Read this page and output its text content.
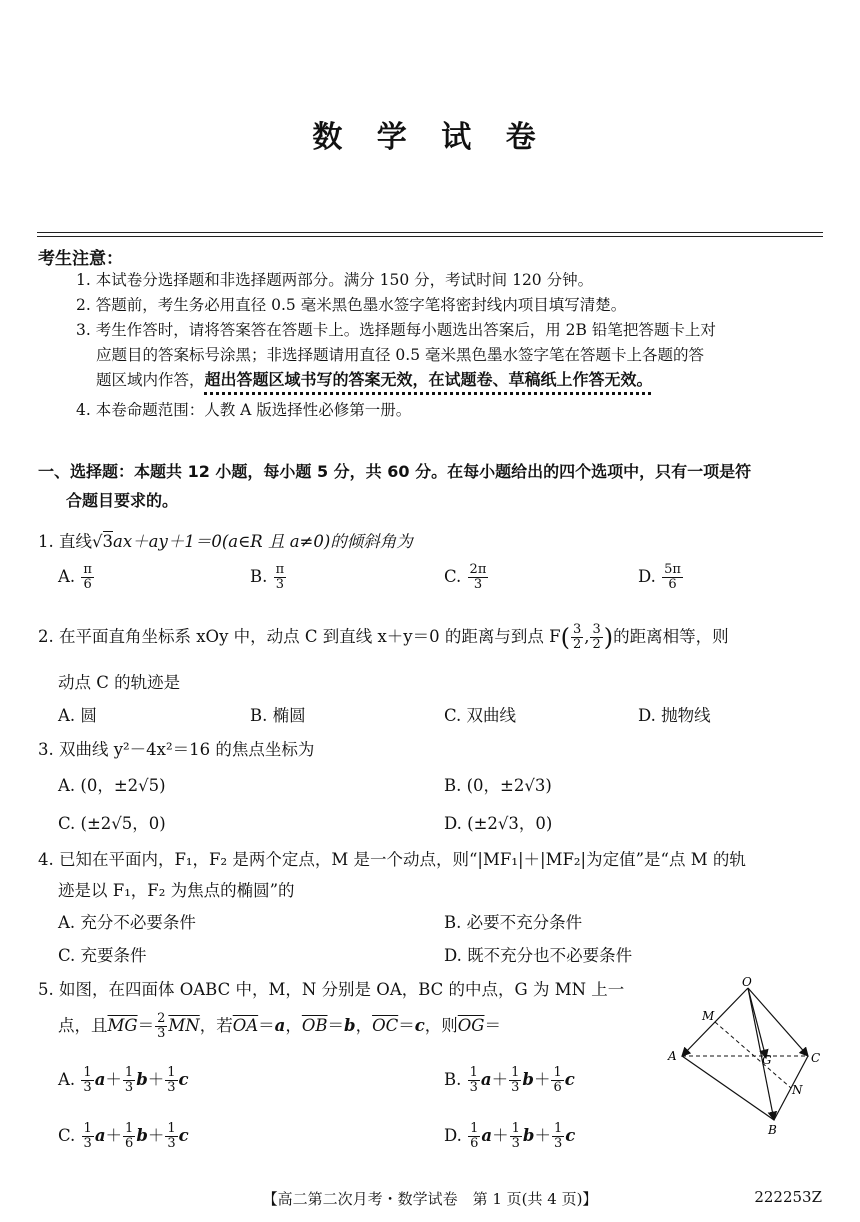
数 学 试 卷
考生注意：
1. 本试卷分选择题和非选择题两部分。满分 150 分，考试时间 120 分钟。
2. 答题前，考生务必用直径 0.5 毫米黑色墨水签字笔将密封线内项目填写清楚。
3. 考生作答时，请将答案答在答题卡上。选择题每小题选出答案后，用 2B 铅笔把答题卡上对
应题目的答案标号涂黑；非选择题请用直径 0.5 毫米黑色墨水签字笔在答题卡上各题的答
题区域内作答，超出答题区域书写的答案无效，在试题卷、草稿纸上作答无效。
4. 本卷命题范围：人教 A 版选择性必修第一册。
一、选择题：本题共 12 小题，每小题 5 分，共 60 分。在每小题给出的四个选项中，只有一项是符
合题目要求的。
1. 直线√3ax＋ay＋1＝0(a∈R 且 a≠0)的倾斜角为
A. $\frac{\pi}{6}$	B. $\frac{\pi}{3}$	C. $\frac{2\pi}{3}$	D. $\frac{5\pi}{6}$
2. 在平面直角坐标系 xOy 中，动点 C 到直线 x＋y＝0 的距离与到点 $F( \frac{3}{2}$ , $\frac{3}{2}$ )的距离相等，则
动点 C 的轨迹是
A. 圆	B. 椭圆	C. 双曲线	D. 抛物线
3. 双曲线 y²－4x²＝16 的焦点坐标为
A. (0，±2√5)	B. (0，±2√3)
C. (±2√5，0)	D. (±2√3，0)
4. 已知在平面内，F₁，F₂ 是两个定点，M 是一个动点，则“|MF₁|＋|MF₂|为定值”是“点 M 的轨
迹是以 F₁，F₂ 为焦点的椭圆”的
A. 充分不必要条件	B. 必要不充分条件
C. 充要条件	D. 既不充分也不必要条件
5. 如图，在四面体 OABC 中，M，N 分别是 OA，BC 的中点，G 为 MN 上一
点，且$\overline{MG}= \frac{2}{3} \overline{MN}$，若$\overline{OA}=a$，$\overline{OB}=b$，$\overline{OC}=c$，则$\overline{OG}=$
A. $\frac{1}{3} a+ \frac{1}{3} b+ \frac{1}{3}$ c	B. $\frac{1}{3} a+ \frac{1}{3} b+ \frac{1}{6}$ c
C. $\frac{1}{3} a+ \frac{1}{6} b+ \frac{1}{3}$ c	D. $\frac{1}{6} a+ \frac{1}{3} b+ \frac{1}{3}$ c
O
M
A	G	C
N
B
【高二第二次月考・数学试卷　第 1 页(共 4 页)】	222253Z
